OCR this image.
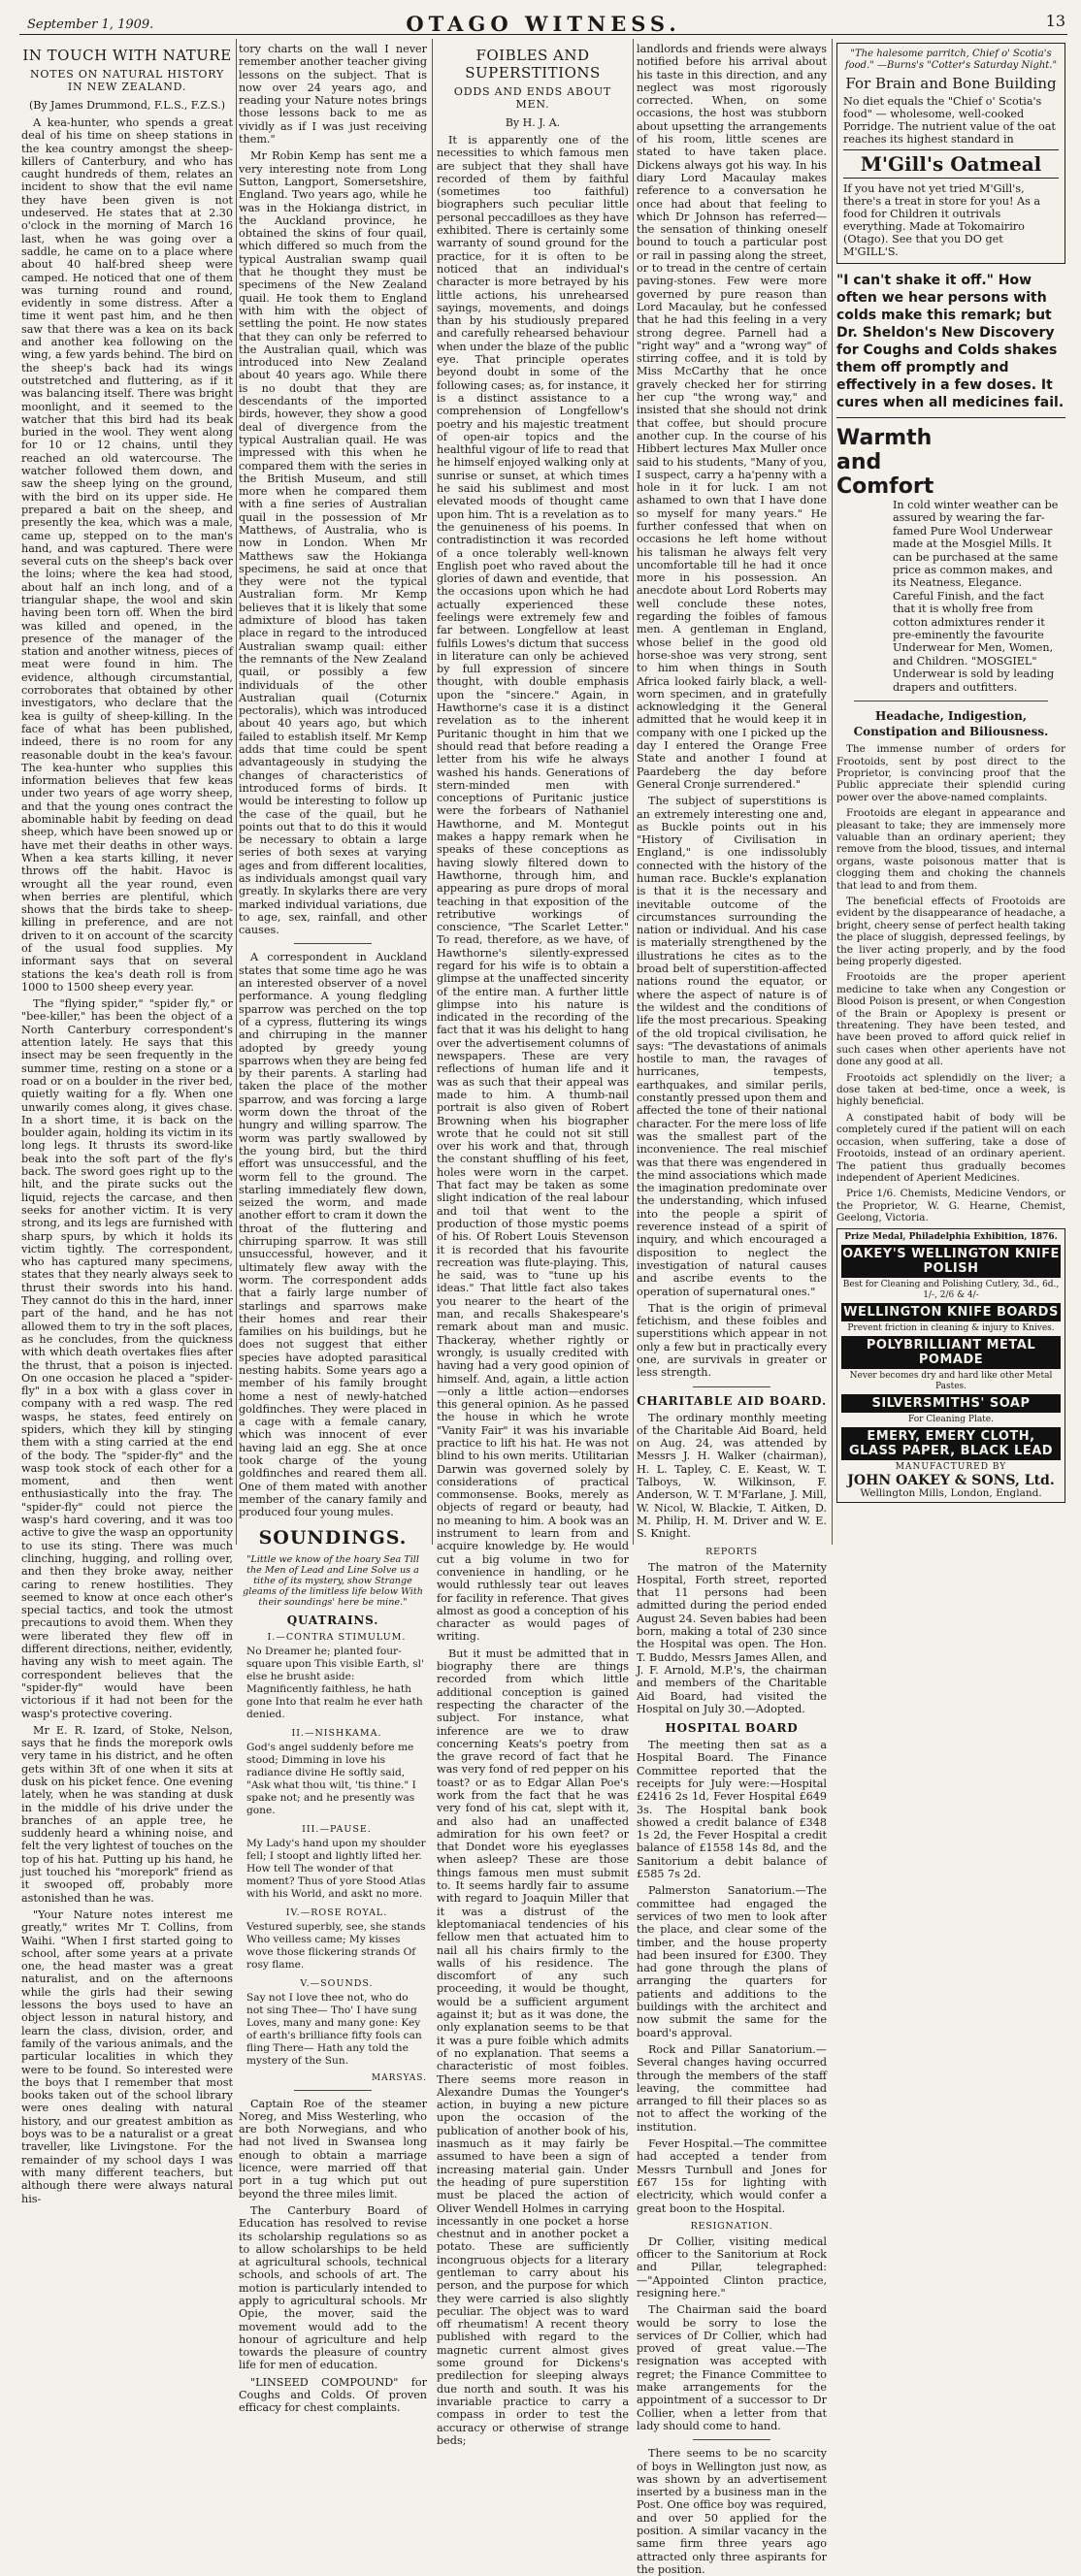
September 1, 1909.	OTAGO WITNESS.	13
IN TOUCH WITH NATURE
NOTES ON NATURAL HISTORY IN NEW ZEALAND.
(By James Drummond, F.L.S., F.Z.S.)

A kea-hunter, who spends a great deal of his time on sheep stations in the kea country amongst the sheep-killers of Canterbury, and who has caught hundreds of them, relates an incident to show that the evil name they have been given is not undeserved. He states that at 2.30 o'clock in the morning of March 16 last, when he was going over a saddle, he came on to a place where about 40 half-bred sheep were camped. He noticed that one of them was turning round and round, evidently in some distress. After a time it went past him, and he then saw that there was a kea on its back and another kea following on the wing, a few yards behind. The bird on the sheep's back had its wings outstretched and fluttering, as if it was balancing itself. There was bright moonlight, and it seemed to the watcher that this bird had its beak buried in the wool. They went along for 10 or 12 chains, until they reached an old watercourse. The watcher followed them down, and saw the sheep lying on the ground, with the bird on its upper side. He prepared a bait on the sheep, and presently the kea, which was a male, came up, stepped on to the man's hand, and was captured. There were several cuts on the sheep's back over the loins; where the kea had stood, about half an inch long, and of a triangular shape, the wool and skin having been torn off. When the bird was killed and opened, in the presence of the manager of the station and another witness, pieces of meat were found in him. The evidence, although circumstantial, corroborates that obtained by other investigators, who declare that the kea is guilty of sheep-killing. In the face of what has been published, indeed, there is no room for any reasonable doubt in the kea's favour. The kea-hunter who supplies this information believes that few keas under two years of age worry sheep, and that the young ones contract the abominable habit by feeding on dead sheep, which have been snowed up or have met their deaths in other ways. When a kea starts killing, it never throws off the habit. Havoc is wrought all the year round, even when berries are plentiful, which shows that the birds take to sheep-killing in preference, and are not driven to it on account of the scarcity of the usual food supplies. My informant says that on several stations the kea's death roll is from 1000 to 1500 sheep every year.

The "flying spider," "spider fly," or "bee-killer," has been the object of a North Canterbury correspondent's attention lately. He says that this insect may be seen frequently in the summer time, resting on a stone or a road or on a boulder in the river bed, quietly waiting for a fly. When one unwarily comes along, it gives chase. In a short time, it is back on the boulder again, holding its victim in its long legs. It thrusts its sword-like beak into the soft part of the fly's back. The sword goes right up to the hilt, and the pirate sucks out the liquid, rejects the carcase, and then seeks for another victim. It is very strong, and its legs are furnished with sharp spurs, by which it holds its victim tightly. The correspondent, who has captured many specimens, states that they nearly always seek to thrust their swords into his hand. They cannot do this in the hard, inner part of the hand, and he has not allowed them to try in the soft places, as he concludes, from the quickness with which death overtakes flies after the thrust, that a poison is injected. On one occasion he placed a "spider-fly" in a box with a glass cover in company with a red wasp. The red wasps, he states, feed entirely on spiders, which they kill by stinging them with a sting carried at the end of the body. The "spider-fly" and the wasp took stock of each other for a moment, and then went enthusiastically into the fray. The "spider-fly" could not pierce the wasp's hard covering, and it was too active to give the wasp an opportunity to use its sting. There was much clinching, hugging, and rolling over, and then they broke away, neither caring to renew hostilities. They seemed to know at once each other's special tactics, and took the utmost precautions to avoid them. When they were liberated they flew off in different directions, neither, evidently, having any wish to meet again. The correspondent believes that the "spider-fly" would have been victorious if it had not been for the wasp's protective covering.

Mr E. R. Izard, of Stoke, Nelson, says that he finds the morepork owls very tame in his district, and he often gets within 3ft of one when it sits at dusk on his picket fence. One evening lately, when he was standing at dusk in the middle of his drive under the branches of an apple tree, he suddenly heard a whining noise, and felt the very lightest of touches on the top of his hat. Putting up his hand, he just touched his "morepork" friend as it swooped off, probably more astonished than he was.

"Your Nature notes interest me greatly," writes Mr T. Collins, from Waihi. "When I first started going to school, after some years at a private one, the head master was a great naturalist, and on the afternoons while the girls had their sewing lessons the boys used to have an object lesson in natural history, and learn the class, division, order, and family of the various animals, and the particular localities in which they were to be found. So interested were the boys that I remember that most books taken out of the school library were ones dealing with natural history, and our greatest ambition as boys was to be a naturalist or a great traveller, like Livingstone. For the remainder of my school days I was with many different teachers, but although there were always natural his-

tory charts on the wall I never remember another teacher giving lessons on the subject. That is now over 24 years ago, and reading your Nature notes brings those lessons back to me as vividly as if I was just receiving them."

Mr Robin Kemp has sent me a very interesting note from Long Sutton, Langport, Somersetshire, England. Two years ago, while he was in the Hokianga district, in the Auckland province, he obtained the skins of four quail, which differed so much from the typical Australian swamp quail that he thought they must be specimens of the New Zealand quail. He took them to England with him with the object of settling the point. He now states that they can only be referred to the Australian quail, which was introduced into New Zealand about 40 years ago. While there is no doubt that they are descendants of the imported birds, however, they show a good deal of divergence from the typical Australian quail. He was impressed with this when he compared them with the series in the British Museum, and still more when he compared them with a fine series of Australian quail in the possession of Mr Matthews, of Australia, who is now in London. When Mr Matthews saw the Hokianga specimens, he said at once that they were not the typical Australian form. Mr Kemp believes that it is likely that some admixture of blood has taken place in regard to the introduced Australian swamp quail: either the remnants of the New Zealand quail, or possibly a few individuals of the other Australian quail (Coturnix pectoralis), which was introduced about 40 years ago, but which failed to establish itself. Mr Kemp adds that time could be spent advantageously in studying the changes of characteristics of introduced forms of birds. It would be interesting to follow up the case of the quail, but he points out that to do this it would be necessary to obtain a large series of both sexes at varying ages and from different localities, as individuals amongst quail vary greatly. In skylarks there are very marked individual variations, due to age, sex, rainfall, and other causes.

A correspondent in Auckland states that some time ago he was an interested observer of a novel performance. A young fledgling sparrow was perched on the top of a cypress, fluttering its wings and chirruping in the manner adopted by greedy young sparrows when they are being fed by their parents. A starling had taken the place of the mother sparrow, and was forcing a large worm down the throat of the hungry and willing sparrow. The worm was partly swallowed by the young bird, but the third effort was unsuccessful, and the worm fell to the ground. The starling immediately flew down, seized the worm, and made another effort to cram it down the throat of the fluttering and chirruping sparrow. It was still unsuccessful, however, and it ultimately flew away with the worm. The correspondent adds that a fairly large number of starlings and sparrows make their homes and rear their families on his buildings, but he does not suggest that either species have adopted parasitical nesting habits. Some years ago a member of his family brought home a nest of newly-hatched goldfinches. They were placed in a cage with a female canary, which was innocent of ever having laid an egg. She at once took charge of the young goldfinches and reared them all. One of them mated with another member of the canary family and produced four young mules.

SOUNDINGS.
"Little we know of the hoary Sea Till the Men of Lead and Line Solve us a tithe of its mystery, show Strange gleams of the limitless life below With their soundings' here be mine."
QUATRAINS.
I.—CONTRA STIMULUM.
No Dreamer he; planted four-square upon This visible Earth, sl' else he brusht aside: Magnificently faithless, he hath gone Into that realm he ever hath denied.
II.—NISHKAMA.
God's angel suddenly before me stood; Dimming in love his radiance divine He softly said, "Ask what thou wilt, 'tis thine." I spake not; and he presently was gone.
III.—PAUSE.
My Lady's hand upon my shoulder fell; I stoopt and lightly lifted her. How tell The wonder of that moment? Thus of yore Stood Atlas with his World, and askt no more.
IV.—ROSE ROYAL.
Vestured superbly, see, she stands Who veilless came; My kisses wove those flickering strands Of rosy flame.
V.—SOUNDS.
Say not I love thee not, who do not sing Thee— Tho' I have sung Loves, many and many gone: Key of earth's brilliance fifty fools can fling There— Hath any told the mystery of the Sun.
MARSYAS.

Captain Roe of the steamer Noreg, and Miss Westerling, who are both Norwegians, and who had not lived in Swansea long enough to obtain a marriage licence, were married off that port in a tug which put out beyond the three miles limit.

The Canterbury Board of Education has resolved to revise its scholarship regulations so as to allow scholarships to be held at agricultural schools, technical schools, and schools of art. The motion is particularly intended to apply to agricultural schools. Mr Opie, the mover, said the movement would add to the honour of agriculture and help towards the pleasure of country life for men of education.

"LINSEED COMPOUND" for Coughs and Colds. Of proven efficacy for chest complaints.

FOIBLES AND SUPERSTITIONS
ODDS AND ENDS ABOUT MEN.
By H. J. A.

It is apparently one of the necessities to which famous men are subject that they shall have recorded of them by faithful (sometimes too faithful) biographers such peculiar little personal peccadilloes as they have exhibited. There is certainly some warranty of sound ground for the practice, for it is often to be noticed that an individual's character is more betrayed by his little actions, his unrehearsed sayings, movements, and doings than by his studiously prepared and carefully rehearsed behaviour when under the blaze of the public eye. That principle operates beyond doubt in some of the following cases; as, for instance, it is a distinct assistance to a comprehension of Longfellow's poetry and his majestic treatment of open-air topics and the healthful vigour of life to read that he himself enjoyed walking only at sunrise or sunset, at which times he said his sublimest and most elevated moods of thought came upon him. Tht is a revelation as to the genuineness of his poems. In contradistinction it was recorded of a once tolerably well-known English poet who raved about the glories of dawn and eventide, that the occasions upon which he had actually experienced these feelings were extremely few and far between. Longfellow at least fulfils Lowes's dictum that success in literature can only be achieved by full expression of sincere thought, with double emphasis upon the "sincere." Again, in Hawthorne's case it is a distinct revelation as to the inherent Puritanic thought in him that we should read that before reading a letter from his wife he always washed his hands. Generations of stern-minded men with conceptions of Puritanic justice were the forbears of Nathaniel Hawthorne, and M. Montegut makes a happy remark when he speaks of these conceptions as having slowly filtered down to Hawthorne, through him, and appearing as pure drops of moral teaching in that exposition of the retributive workings of conscience, "The Scarlet Letter." To read, therefore, as we have, of Hawthorne's silently-expressed regard for his wife is to obtain a glimpse at the unaffected sincerity of the entire man. A further little glimpse into his nature is indicated in the recording of the fact that it was his delight to hang over the advertisement columns of newspapers. These are very reflections of human life and it was as such that their appeal was made to him. A thumb-nail portrait is also given of Robert Browning when his biographer wrote that he could not sit still over his work and that, through the constant shuffling of his feet, holes were worn in the carpet. That fact may be taken as some slight indication of the real labour and toil that went to the production of those mystic poems of his. Of Robert Louis Stevenson it is recorded that his favourite recreation was flute-playing. This, he said, was to "tune up his ideas." That little fact also takes you nearer to the heart of the man, and recalls Shakespeare's remark about man and music. Thackeray, whether rightly or wrongly, is usually credited with having had a very good opinion of himself. And, again, a little action—only a little action—endorses this general opinion. As he passed the house in which he wrote "Vanity Fair" it was his invariable practice to lift his hat. He was not blind to his own merits. Utilitarian Darwin was governed solely by considerations of practical commonsense. Books, merely as objects of regard or beauty, had no meaning to him. A book was an instrument to learn from and acquire knowledge by. He would cut a big volume in two for convenience in handling, or he would ruthlessly tear out leaves for facility in reference. That gives almost as good a conception of his character as would pages of writing.

But it must be admitted that in biography there are things recorded from which little additional conception is gained respecting the character of the subject. For instance, what inference are we to draw concerning Keats's poetry from the grave record of fact that he was very fond of red pepper on his toast? or as to Edgar Allan Poe's work from the fact that he was very fond of his cat, slept with it, and also had an unaffected admiration for his own feet? or that Dondet wore his eyeglasses when asleep? These are those things famous men must submit to. It seems hardly fair to assume with regard to Joaquin Miller that it was a distrust of the kleptomaniacal tendencies of his fellow men that actuated him to nail all his chairs firmly to the walls of his residence. The discomfort of any such proceeding, it would be thought, would be a sufficient argument against it; but as it was done, the only explanation seems to be that it was a pure foible which admits of no explanation. That seems a characteristic of most foibles. There seems more reason in Alexandre Dumas the Younger's action, in buying a new picture upon the occasion of the publication of another book of his, inasmuch as it may fairly be assumed to have been a sign of increasing material gain. Under the heading of pure superstition must be placed the action of Oliver Wendell Holmes in carrying incessantly in one pocket a horse chestnut and in another pocket a potato. These are sufficiently incongruous objects for a literary gentleman to carry about his person, and the purpose for which they were carried is also slightly peculiar. The object was to ward off rheumatism! A recent theory published with regard to the magnetic current almost gives some ground for Dickens's predilection for sleeping always due north and south. It was his invariable practice to carry a compass in order to test the accuracy or otherwise of strange beds;

landlords and friends were always notified before his arrival about his taste in this direction, and any neglect was most rigorously corrected. When, on some occasions, the host was stubborn about upsetting the arrangements of his room, little scenes are stated to have taken place. Dickens always got his way. In his diary Lord Macaulay makes reference to a conversation he once had about that feeling to which Dr Johnson has referred—the sensation of thinking oneself bound to touch a particular post or rail in passing along the street, or to tread in the centre of certain paving-stones. Few were more governed by pure reason than Lord Macaulay, but he confessed that he had this feeling in a very strong degree. Parnell had a "right way" and a "wrong way" of stirring coffee, and it is told by Miss McCarthy that he once gravely checked her for stirring her cup "the wrong way," and insisted that she should not drink that coffee, but should procure another cup. In the course of his Hibbert lectures Max Muller once said to his students, "Many of you, I suspect, carry a ha'penny with a hole in it for luck. I am not ashamed to own that I have done so myself for many years." He further confessed that when on occasions he left home without his talisman he always felt very uncomfortable till he had it once more in his possession. An anecdote about Lord Roberts may well conclude these notes, regarding the foibles of famous men. A gentleman in England, whose belief in the good old horse-shoe was very strong, sent to him when things in South Africa looked fairly black, a well-worn specimen, and in gratefully acknowledging it the General admitted that he would keep it in company with one I picked up the day I entered the Orange Free State and another I found at Paardeberg the day before General Cronje surrendered."

The subject of superstitions is an extremely interesting one and, as Buckle points out in his "History of Civilisation in England," is one indissolubly connected with the history of the human race. Buckle's explanation is that it is the necessary and inevitable outcome of the circumstances surrounding the nation or individual. And his case is materially strengthened by the illustrations he cites as to the broad belt of superstition-affected nations round the equator, or where the aspect of nature is of the wildest and the conditions of life the most precarious. Speaking of the old tropical civilisation, he says: "The devastations of animals hostile to man, the ravages of hurricanes, tempests, earthquakes, and similar perils, constantly pressed upon them and affected the tone of their national character. For the mere loss of life was the smallest part of the inconvenience. The real mischief was that there was engendered in the mind associations which made the imagination predominate over the understanding, which infused into the people a spirit of reverence instead of a spirit of inquiry, and which encouraged a disposition to neglect the investigation of natural causes and ascribe events to the operation of supernatural ones."

That is the origin of primeval fetichism, and these foibles and superstitions which appear in not only a few but in practically every one, are survivals in greater or less strength.

CHARITABLE AID BOARD.

The ordinary monthly meeting of the Charitable Aid Board, held on Aug. 24, was attended by Messrs J. H. Walker (chairman), H. L. Tapley, C. E. Keast, W. T. Talboys, W. Wilkinson, F. Anderson, W. T. M'Farlane, J. Mill, W. Nicol, W. Blackie, T. Aitken, D. M. Philip, H. M. Driver and W. E. S. Knight.

REPORTS

The matron of the Maternity Hospital, Forth street, reported that 11 persons had been admitted during the period ended August 24. Seven babies had been born, making a total of 230 since the Hospital was open. The Hon. T. Buddo, Messrs James Allen, and J. F. Arnold, M.P.'s, the chairman and members of the Charitable Aid Board, had visited the Hospital on July 30.—Adopted.

HOSPITAL BOARD

The meeting then sat as a Hospital Board. The Finance Committee reported that the receipts for July were:—Hospital £2416 2s 1d, Fever Hospital £649 3s. The Hospital bank book showed a credit balance of £348 1s 2d, the Fever Hospital a credit balance of £1558 14s 8d, and the Sanitorium a debit balance of £585 7s 2d.

Palmerston Sanatorium.—The committee had engaged the services of two men to look after the place, and clear some of the timber, and the house property had been insured for £300. They had gone through the plans of arranging the quarters for patients and additions to the buildings with the architect and now submit the same for the board's approval.

Rock and Pillar Sanatorium.—Several changes having occurred through the members of the staff leaving, the committee had arranged to fill their places so as not to affect the working of the institution.

Fever Hospital.—The committee had accepted a tender from Messrs Turnbull and Jones for £67 15s for lighting with electricity, which would confer a great boon to the Hospital.

RESIGNATION.

Dr Collier, visiting medical officer to the Sanitorium at Rock and Pillar, telegraphed:—"Appointed Clinton practice, resigning here."

The Chairman said the board would be sorry to lose the services of Dr Collier, which had proved of great value.—The resignation was accepted with regret; the Finance Committee to make arrangements for the appointment of a successor to Dr Collier, when a letter from that lady should come to hand.

There seems to be no scarcity of boys in Wellington just now, as was shown by an advertisement inserted by a business man in the Post. One office boy was required, and over 50 applied for the position. A similar vacancy in the same firm three years ago attracted only three aspirants for the position.

"The halesome parritch, Chief o' Scotia's food." —Burns's "Cotter's Saturday Night."
For Brain and Bone Building
No diet equals the "Chief o' Scotia's food" — wholesome, well-cooked Porridge. The nutrient value of the oat reaches its highest standard in
M'Gill's Oatmeal
If you have not yet tried M'Gill's, there's a treat in store for you! As a food for Children it outrivals everything. Made at Tokomairiro (Otago). See that you DO get M'GILL'S.
"I can't shake it off." How often we hear persons with colds make this remark; but Dr. Sheldon's New Discovery for Coughs and Colds shakes them off promptly and effectively in a few doses. It cures when all medicines fail.
Warmth and Comfort
In cold winter weather can be assured by wearing the far-famed Pure Wool Underwear made at the Mosgiel Mills. It can be purchased at the same price as common makes, and its Neatness, Elegance. Careful Finish, and the fact that it is wholly free from cotton admixtures render it pre-eminently the favourite Underwear for Men, Women, and Children. "MOSGIEL" Underwear is sold by leading drapers and outfitters.
Headache, Indigestion, Constipation and Biliousness.

The immense number of orders for Frootoids, sent by post direct to the Proprietor, is convincing proof that the Public appreciate their splendid curing power over the above-named complaints.

Frootoids are elegant in appearance and pleasant to take; they are immensely more valuable than an ordinary aperient; they remove from the blood, tissues, and internal organs, waste poisonous matter that is clogging them and choking the channels that lead to and from them.

The beneficial effects of Frootoids are evident by the disappearance of headache, a bright, cheery sense of perfect health taking the place of sluggish, depressed feelings, by the liver acting properly, and by the food being properly digested.

Frootoids are the proper aperient medicine to take when any Congestion or Blood Poison is present, or when Congestion of the Brain or Apoplexy is present or threatening. They have been tested, and have been proved to afford quick relief in such cases when other aperients have not done any good at all.

Frootoids act splendidly on the liver; a dose taken at bed-time, once a week, is highly beneficial.

A constipated habit of body will be completely cured if the patient will on each occasion, when suffering, take a dose of Frootoids, instead of an ordinary aperient. The patient thus gradually becomes independent of Aperient Medicines.

Price 1/6. Chemists, Medicine Vendors, or the Proprietor, W. G. Hearne, Chemist, Geelong, Victoria.

Prize Medal, Philadelphia Exhibition, 1876.
OAKEY'S WELLINGTON KNIFE POLISH
Best for Cleaning and Polishing Cutlery, 3d., 6d., 1/-, 2/6 & 4/-
WELLINGTON KNIFE BOARDS
Prevent friction in cleaning & injury to Knives.
POLYBRILLIANT METAL POMADE
Never becomes dry and hard like other Metal Pastes.
SILVERSMITHS' SOAP
For Cleaning Plate.
EMERY, EMERY CLOTH, GLASS PAPER, BLACK LEAD
MANUFACTURED BY
JOHN OAKEY & SONS, Ltd.
Wellington Mills, London, England.
